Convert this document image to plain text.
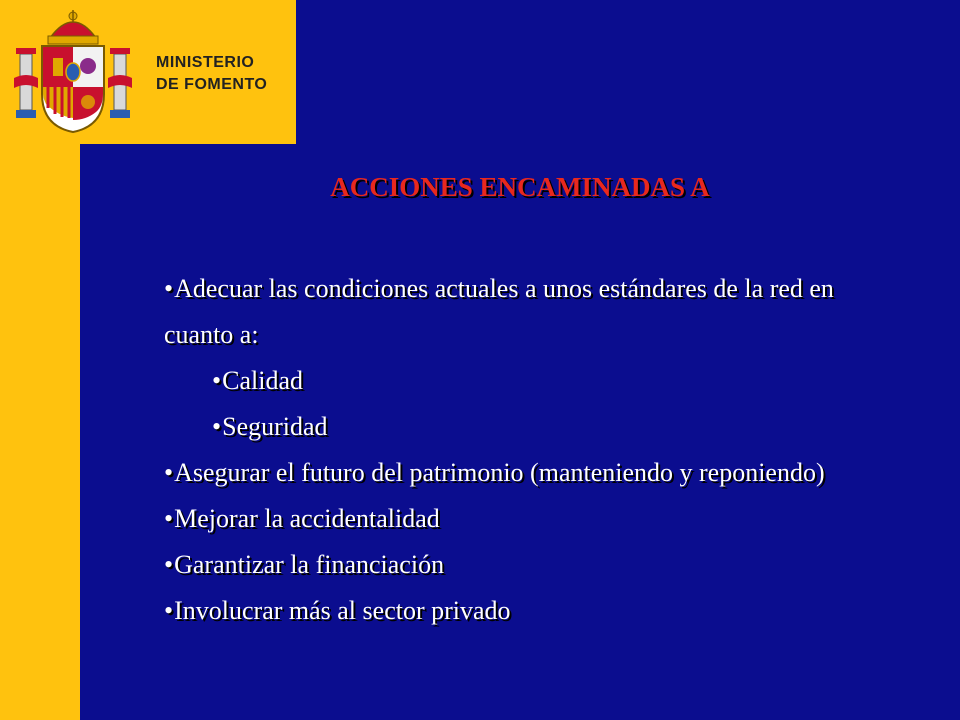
MINISTERIO
DE FOMENTO
ACCIONES ENCAMINADAS A
•Adecuar las condiciones actuales a unos estándares de la red en cuanto a:
•Calidad
•Seguridad
•Asegurar el futuro del patrimonio (manteniendo y reponiendo)
•Mejorar la accidentalidad
•Garantizar la financiación
•Involucrar más al sector privado
